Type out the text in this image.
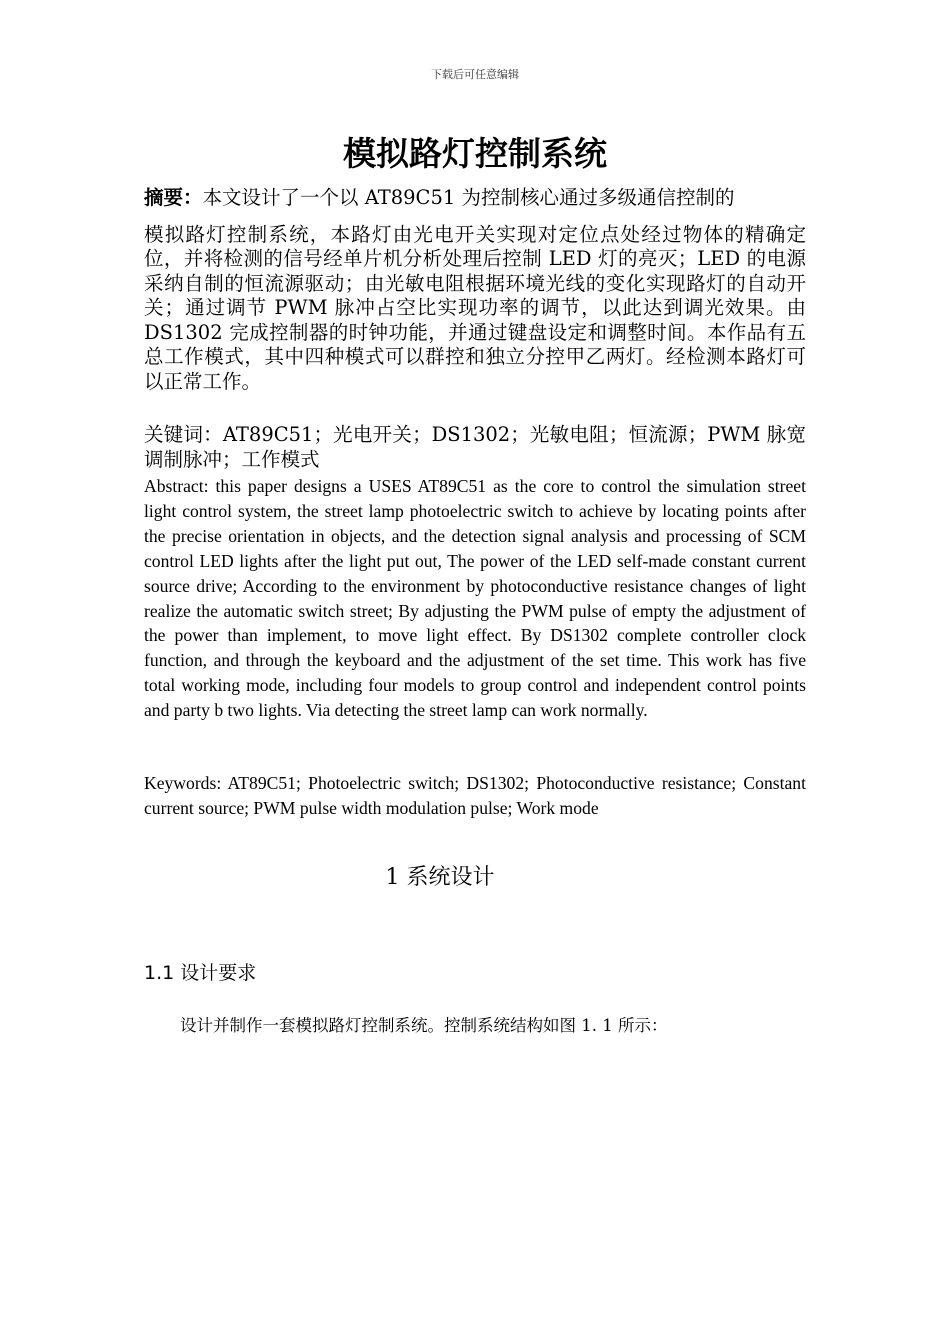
下载后可任意编辑
模拟路灯控制系统
摘要：本文设计了一个以 AT89C51 为控制核心通过多级通信控制的
模拟路灯控制系统，本路灯由光电开关实现对定位点处经过物体的精确定位，并将检测的信号经单片机分析处理后控制 LED 灯的亮灭；LED 的电源采纳自制的恒流源驱动；由光敏电阻根据环境光线的变化实现路灯的自动开关；通过调节 PWM 脉冲占空比实现功率的调节，以此达到调光效果。由 DS1302 完成控制器的时钟功能，并通过键盘设定和调整时间。本作品有五总工作模式，其中四种模式可以群控和独立分控甲乙两灯。经检测本路灯可以正常工作。
关键词：AT89C51；光电开关；DS1302；光敏电阻；恒流源；PWM 脉宽调制脉冲；工作模式
Abstract: this paper designs a USES AT89C51 as the core to control the simulation street light control system, the street lamp photoelectric switch to achieve by locating points after the precise orientation in objects, and the detection signal analysis and processing of SCM control LED lights after the light put out, The power of the LED self-made constant current source drive; According to the environment by photoconductive resistance changes of light realize the automatic switch street; By adjusting the PWM pulse of empty the adjustment of the power than implement, to move light effect. By DS1302 complete controller clock function, and through the keyboard and the adjustment of the set time. This work has five total working mode, including four models to group control and independent control points and party b two lights. Via detecting the street lamp can work normally.
Keywords: AT89C51; Photoelectric switch; DS1302; Photoconductive resistance; Constant current source; PWM pulse width modulation pulse; Work mode
1 系统设计
1.1 设计要求
设计并制作一套模拟路灯控制系统。控制系统结构如图 1. 1 所示：
